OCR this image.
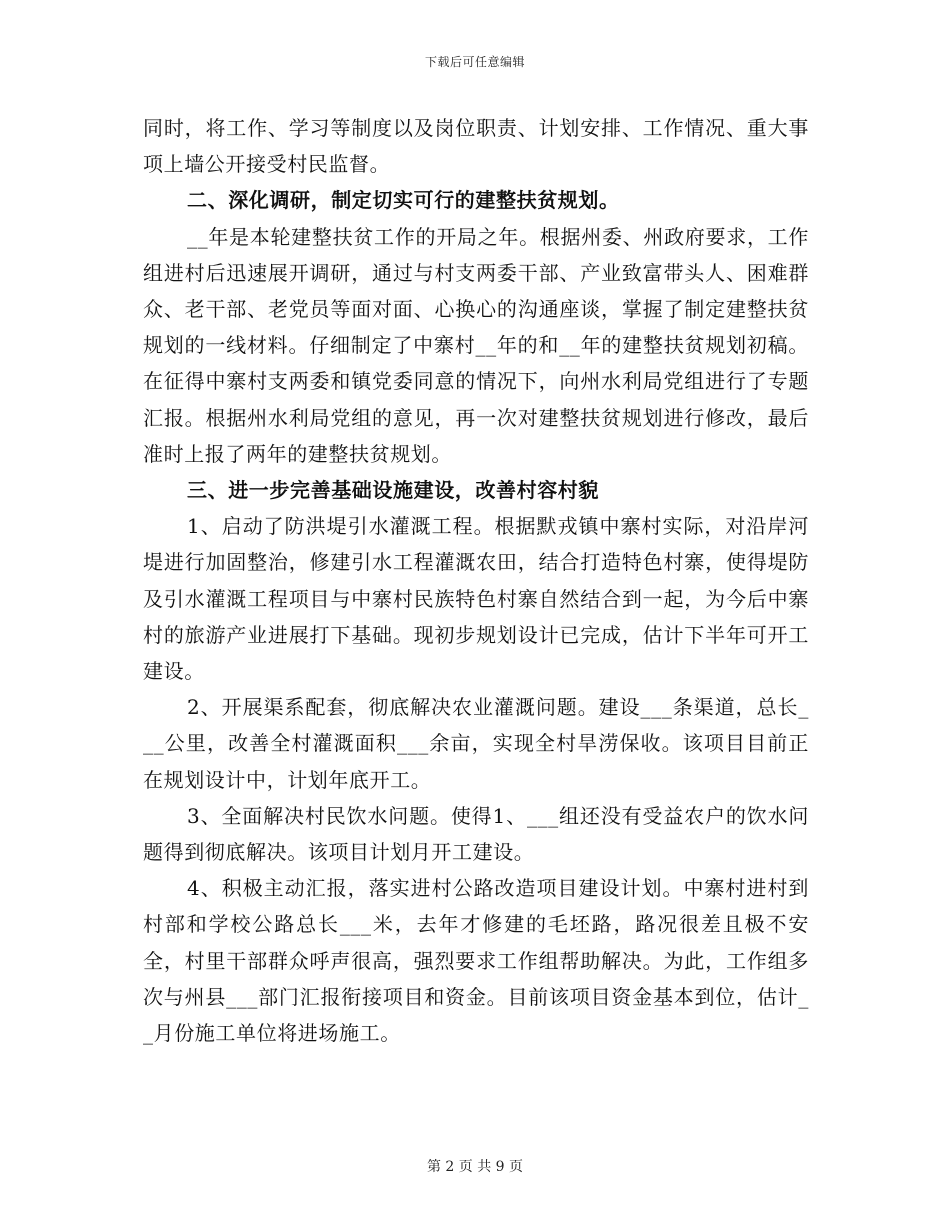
下载后可任意编辑

同时，将工作、学习等制度以及岗位职责、计划安排、工作情况、重大事项上墙公开接受村民监督。

二、深化调研，制定切实可行的建整扶贫规划。

__年是本轮建整扶贫工作的开局之年。根据州委、州政府要求，工作组进村后迅速展开调研，通过与村支两委干部、产业致富带头人、困难群众、老干部、老党员等面对面、心换心的沟通座谈，掌握了制定建整扶贫规划的一线材料。仔细制定了中寨村__年的和__年的建整扶贫规划初稿。在征得中寨村支两委和镇党委同意的情况下，向州水利局党组进行了专题汇报。根据州水利局党组的意见，再一次对建整扶贫规划进行修改，最后准时上报了两年的建整扶贫规划。

三、进一步完善基础设施建设，改善村容村貌

1、启动了防洪堤引水灌溉工程。根据默戎镇中寨村实际，对沿岸河堤进行加固整治，修建引水工程灌溉农田，结合打造特色村寨，使得堤防及引水灌溉工程项目与中寨村民族特色村寨自然结合到一起，为今后中寨村的旅游产业进展打下基础。现初步规划设计已完成，估计下半年可开工建设。

2、开展渠系配套，彻底解决农业灌溉问题。建设___条渠道，总长___公里，改善全村灌溉面积___余亩，实现全村旱涝保收。该项目目前正在规划设计中，计划年底开工。

3、全面解决村民饮水问题。使得1、___组还没有受益农户的饮水问题得到彻底解决。该项目计划月开工建设。

4、积极主动汇报，落实进村公路改造项目建设计划。中寨村进村到村部和学校公路总长___米，去年才修建的毛坯路，路况很差且极不安全，村里干部群众呼声很高，强烈要求工作组帮助解决。为此，工作组多次与州县___部门汇报衔接项目和资金。目前该项目资金基本到位，估计__月份施工单位将进场施工。

第 2 页 共 9 页
